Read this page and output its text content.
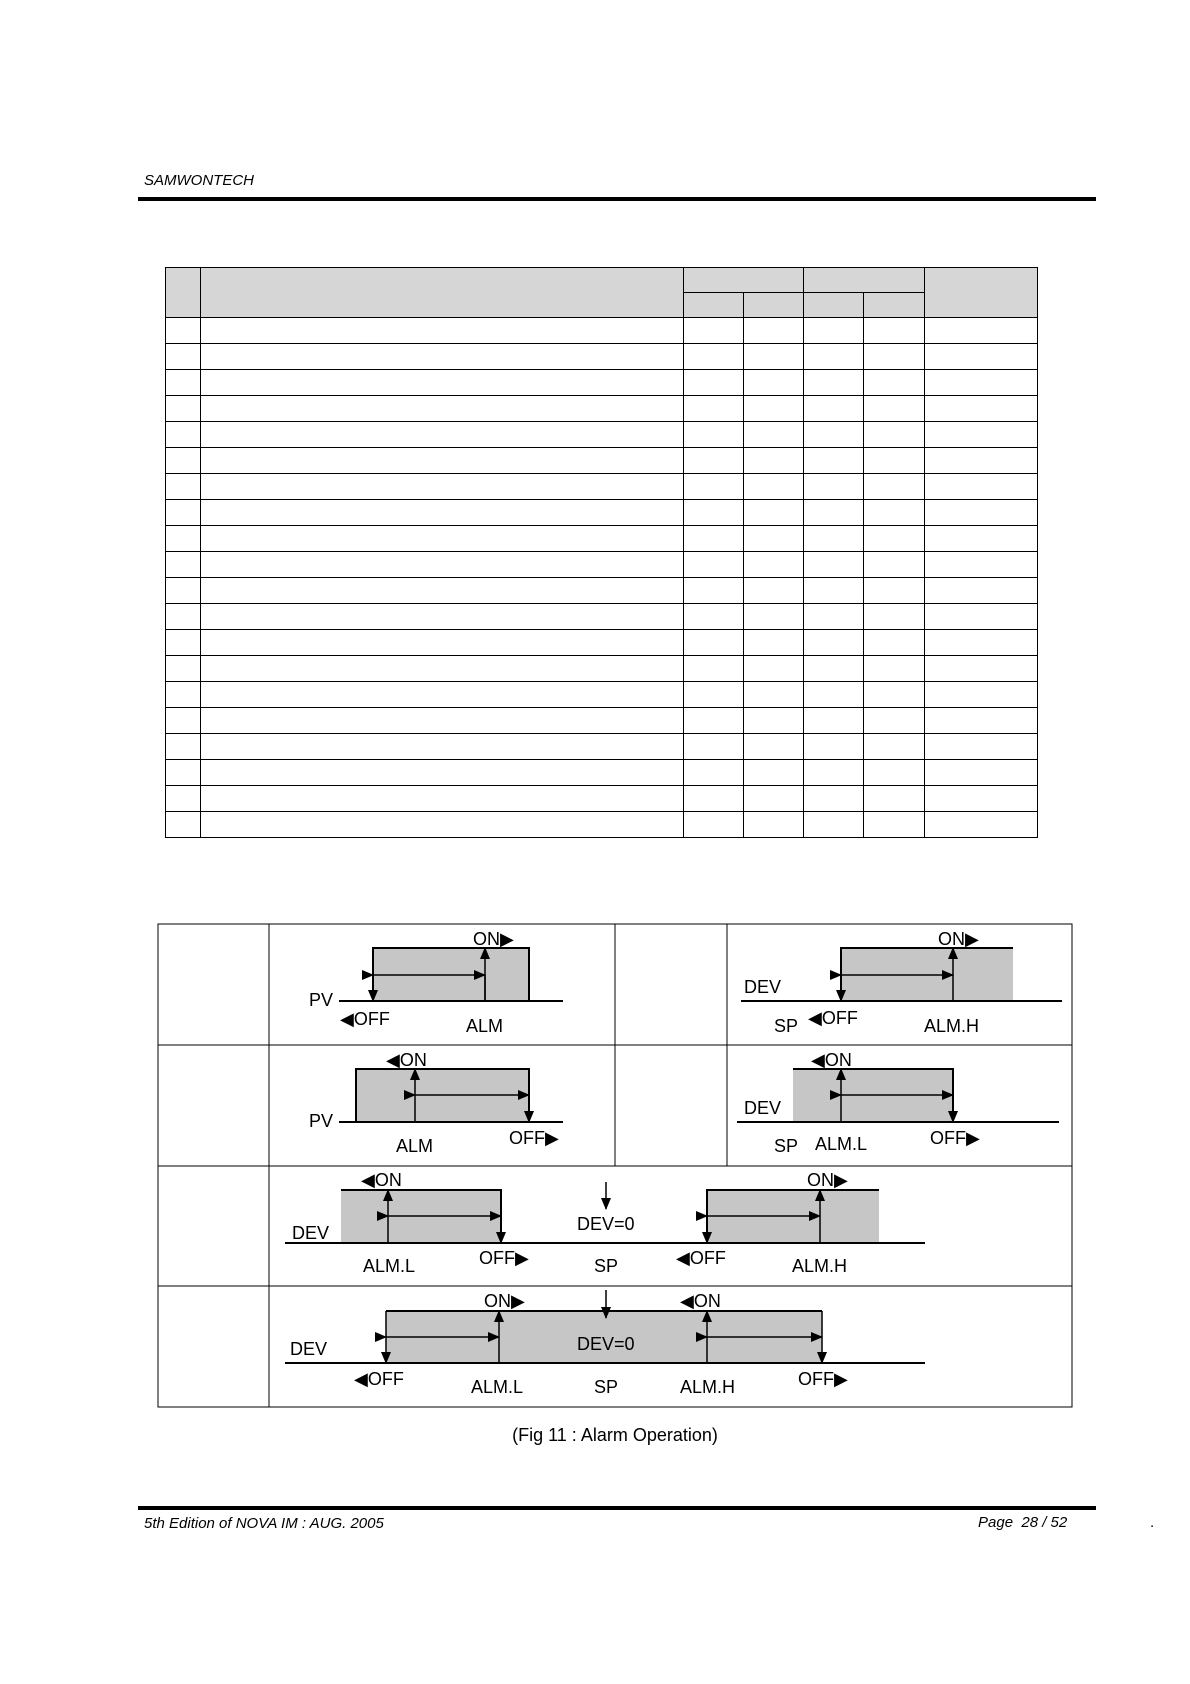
SAMWONTECH

ON▶
PV
◀OFF	ALM
ON▶
DEV
SP ◀OFF	ALM.H
◀ON
PV
ALM	OFF▶
◀ON
DEV
SP ALM.L	OFF▶
◀ON
DEV	DEV=0
ON▶
ALM.L	OFF▶	SP	◀OFF	ALM.H
ON▶	◀ON
DEV	DEV=0
◀OFF	ALM.L	SP	ALM.H	OFF▶
(Fig 11 : Alarm Operation)
5th Edition of NOVA IM : AUG. 2005	Page  28 / 52	.
